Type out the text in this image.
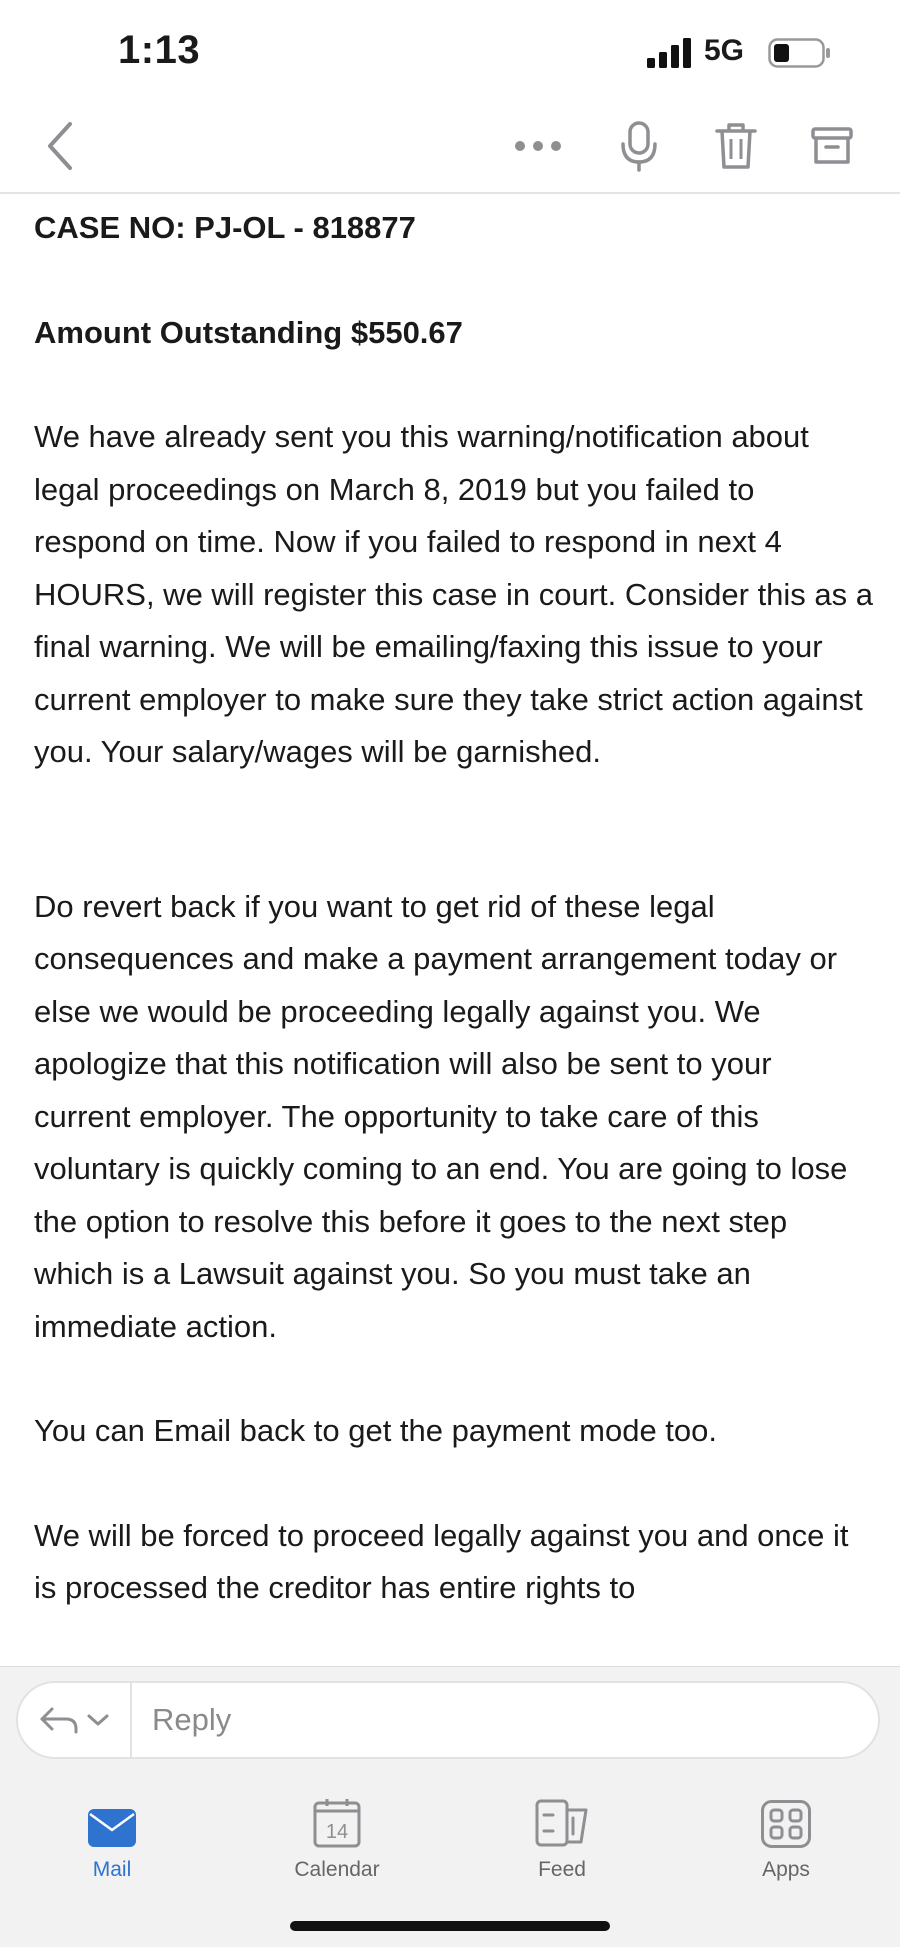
1:13	5G

CASE NO: PJ-OL - 818877

Amount Outstanding $550.67

We have already sent you this warning/notification about legal proceedings on March 8, 2019 but you failed to respond on time. Now if you failed to respond in next 4 HOURS, we will register this case in court. Consider this as a final warning. We will be emailing/faxing this issue to your current employer to make sure they take strict action against you. Your salary/wages will be garnished.

Do revert back if you want to get rid of these legal consequences and make a payment arrangement today or else we would be proceeding legally against you. We apologize that this notification will also be sent to your current employer. The opportunity to take care of this voluntary is quickly coming to an end. You are going to lose the option to resolve this before it goes to the next step which is a Lawsuit against you. So you must take an immediate action.

You can Email back to get the payment mode too.

We will be forced to proceed legally against you and once it is processed the creditor has entire rights to

Reply
Mail
14
Calendar	Feed	Apps
